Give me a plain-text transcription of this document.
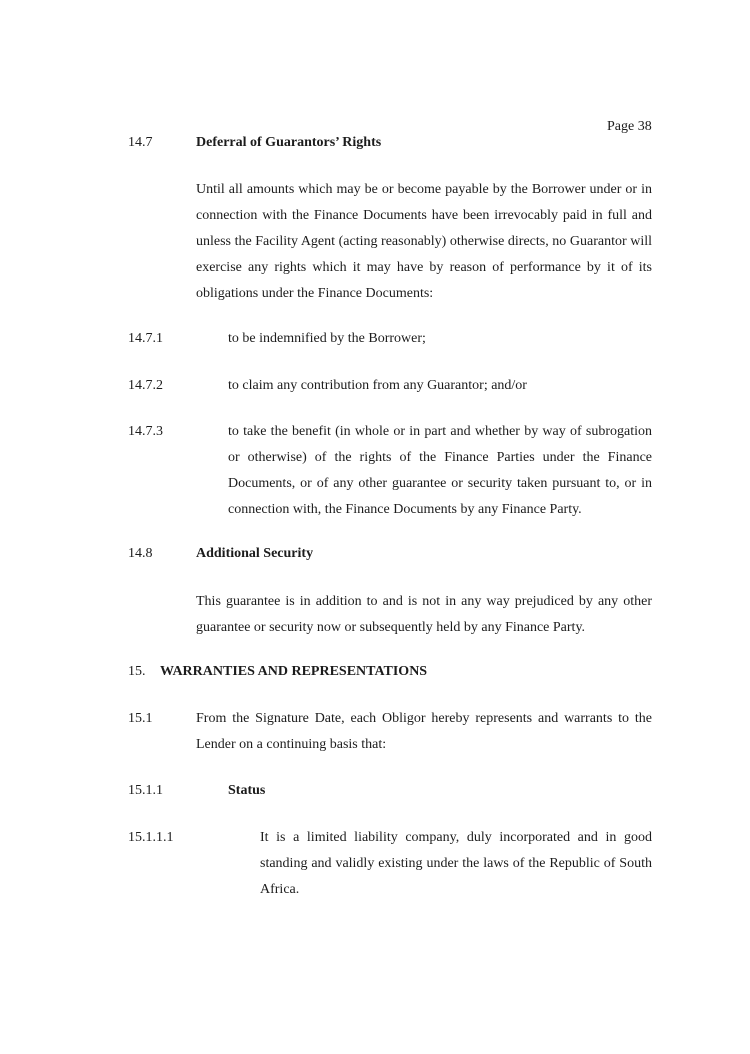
Page 38
14.7	Deferral of Guarantors’ Rights
Until all amounts which may be or become payable by the Borrower under or in connection with the Finance Documents have been irrevocably paid in full and unless the Facility Agent (acting reasonably) otherwise directs, no Guarantor will exercise any rights which it may have by reason of performance by it of its obligations under the Finance Documents:
14.7.1	to be indemnified by the Borrower;
14.7.2	to claim any contribution from any Guarantor; and/or
14.7.3	to take the benefit (in whole or in part and whether by way of subrogation or otherwise) of the rights of the Finance Parties under the Finance Documents, or of any other guarantee or security taken pursuant to, or in connection with, the Finance Documents by any Finance Party.
14.8	Additional Security
This guarantee is in addition to and is not in any way prejudiced by any other guarantee or security now or subsequently held by any Finance Party.
15. WARRANTIES AND REPRESENTATIONS
15.1	From the Signature Date, each Obligor hereby represents and warrants to the Lender on a continuing basis that:
15.1.1	Status
15.1.1.1	It is a limited liability company, duly incorporated and in good standing and validly existing under the laws of the Republic of South Africa.
